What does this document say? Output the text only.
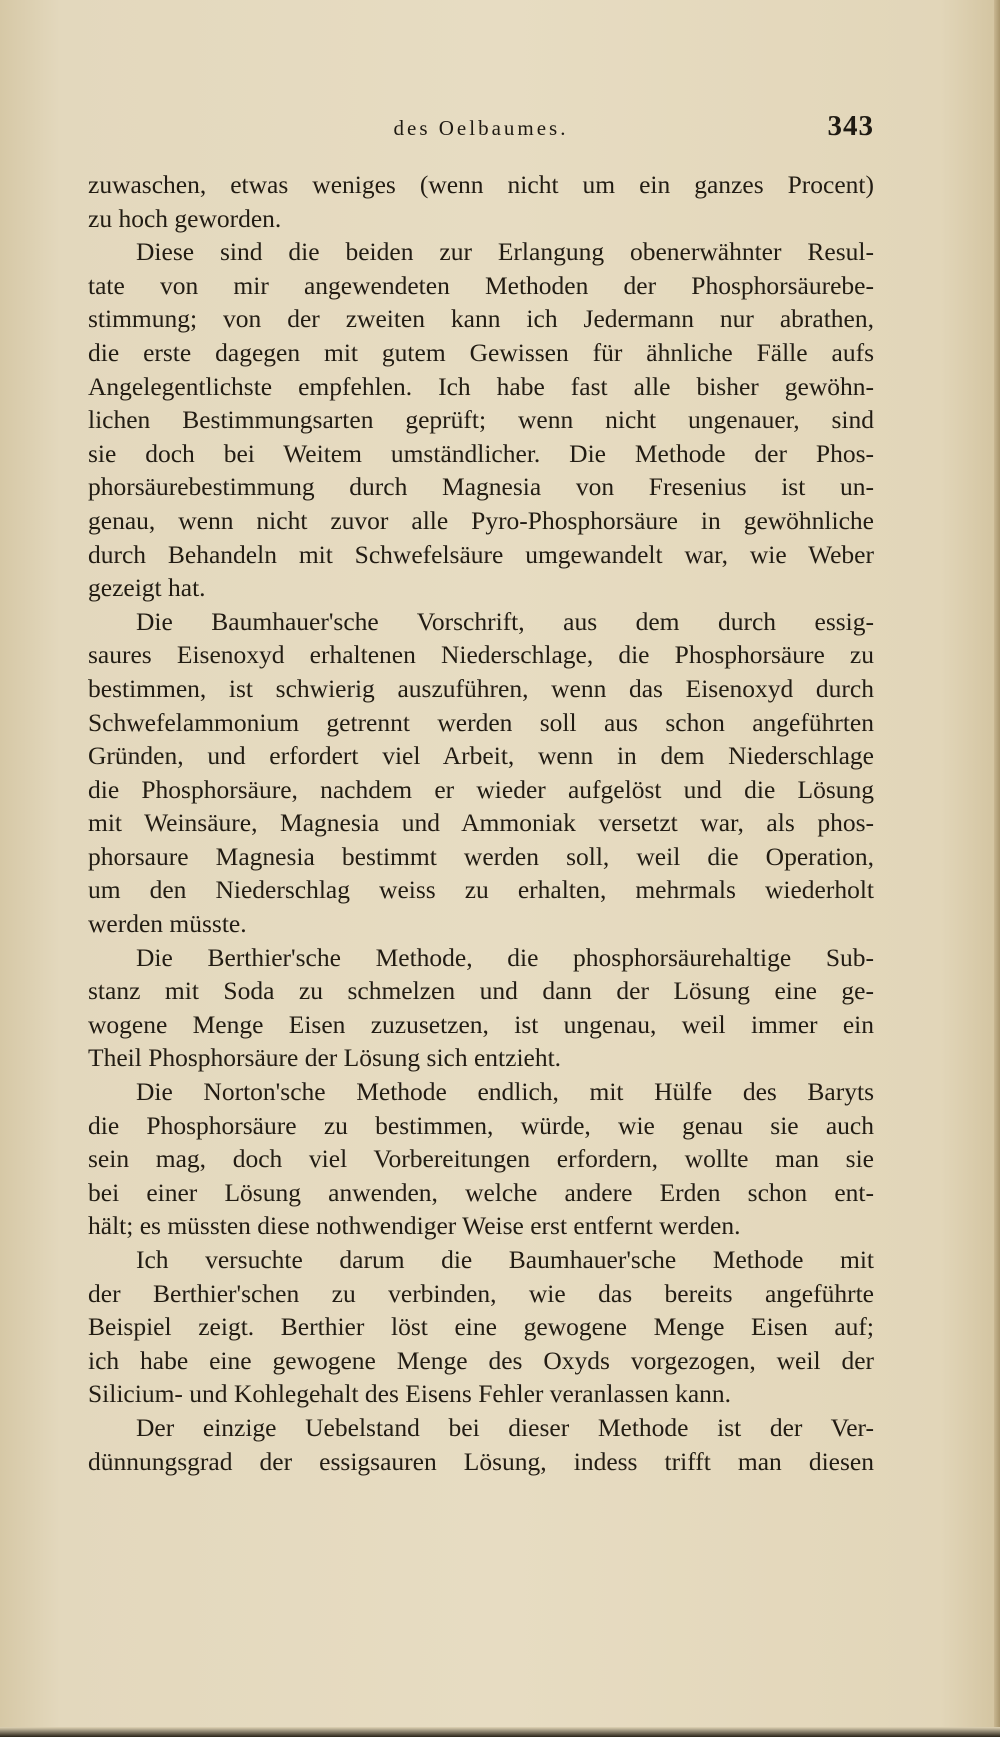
des Oelbaumes.	343
zuwaschen, etwas weniges (wenn nicht um ein ganzes Procent)
zu hoch geworden.
Diese sind die beiden zur Erlangung obenerwähnter Resul-
tate von mir angewendeten Methoden der Phosphorsäurebe-
stimmung; von der zweiten kann ich Jedermann nur abrathen,
die erste dagegen mit gutem Gewissen für ähnliche Fälle aufs
Angelegentlichste empfehlen. Ich habe fast alle bisher gewöhn-
lichen Bestimmungsarten geprüft; wenn nicht ungenauer, sind
sie doch bei Weitem umständlicher. Die Methode der Phos-
phorsäurebestimmung durch Magnesia von Fresenius ist un-
genau, wenn nicht zuvor alle Pyro-Phosphorsäure in gewöhnliche
durch Behandeln mit Schwefelsäure umgewandelt war, wie Weber
gezeigt hat.
Die Baumhauer'sche Vorschrift, aus dem durch essig-
saures Eisenoxyd erhaltenen Niederschlage, die Phosphorsäure zu
bestimmen, ist schwierig auszuführen, wenn das Eisenoxyd durch
Schwefelammonium getrennt werden soll aus schon angeführten
Gründen, und erfordert viel Arbeit, wenn in dem Niederschlage
die Phosphorsäure, nachdem er wieder aufgelöst und die Lösung
mit Weinsäure, Magnesia und Ammoniak versetzt war, als phos-
phorsaure Magnesia bestimmt werden soll, weil die Operation,
um den Niederschlag weiss zu erhalten, mehrmals wiederholt
werden müsste.
Die Berthier'sche Methode, die phosphorsäurehaltige Sub-
stanz mit Soda zu schmelzen und dann der Lösung eine ge-
wogene Menge Eisen zuzusetzen, ist ungenau, weil immer ein
Theil Phosphorsäure der Lösung sich entzieht.
Die Norton'sche Methode endlich, mit Hülfe des Baryts
die Phosphorsäure zu bestimmen, würde, wie genau sie auch
sein mag, doch viel Vorbereitungen erfordern, wollte man sie
bei einer Lösung anwenden, welche andere Erden schon ent-
hält; es müssten diese nothwendiger Weise erst entfernt werden.
Ich versuchte darum die Baumhauer'sche Methode mit
der Berthier'schen zu verbinden, wie das bereits angeführte
Beispiel zeigt. Berthier löst eine gewogene Menge Eisen auf;
ich habe eine gewogene Menge des Oxyds vorgezogen, weil der
Silicium- und Kohlegehalt des Eisens Fehler veranlassen kann.
Der einzige Uebelstand bei dieser Methode ist der Ver-
dünnungsgrad der essigsauren Lösung, indess trifft man diesen
